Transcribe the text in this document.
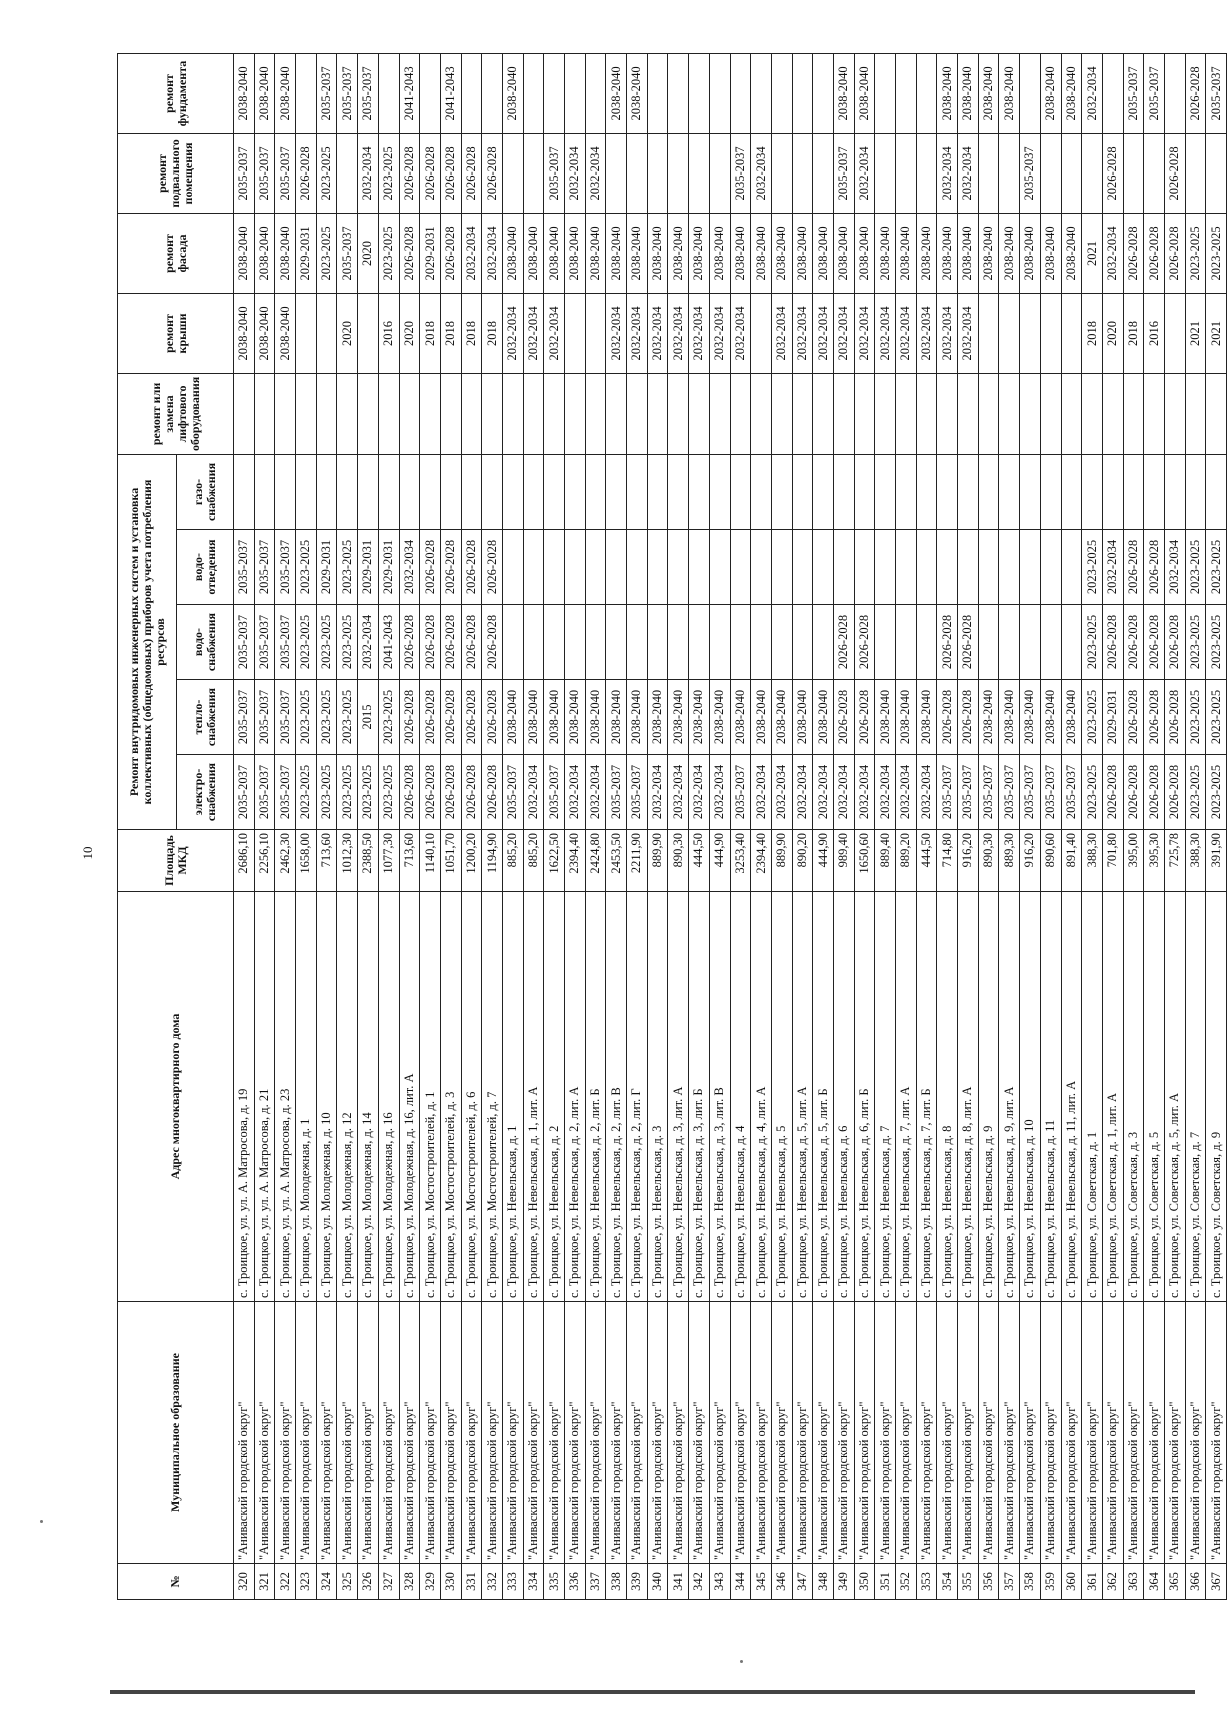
10
№	Муниципальное образование	Адрес многоквартирного дома	Площадь МКД	Ремонт внутридомовых инженерных систем и установка коллективных (общедомовых) приборов учета потребления ресурсов					ремонт или замена лифтового оборудования	ремонт крыши	ремонт фасада	ремонт подвального помещения	ремонт фундамента
				электро-снабжения	тепло-снабжения	водо-снабжения	водо-отведения	газо-снабжения					
320	"Аниваский городской округ"	с. Троицкое, ул. ул. А. Матросова, д. 19	2686,10	2035-2037	2035-2037	2035-2037	2035-2037			2038-2040	2038-2040	2035-2037	2038-2040
321	"Аниваский городской округ"	с. Троицкое, ул. ул. А. Матросова, д. 21	2256,10	2035-2037	2035-2037	2035-2037	2035-2037			2038-2040	2038-2040	2035-2037	2038-2040
322	"Аниваский городской округ"	с. Троицкое, ул. ул. А. Матросова, д. 23	2462,30	2035-2037	2035-2037	2035-2037	2035-2037			2038-2040	2038-2040	2035-2037	2038-2040
323	"Аниваский городской округ"	с. Троицкое, ул. Молодежная, д. 1	1658,00	2023-2025	2023-2025	2023-2025	2023-2025				2029-2031	2026-2028	
324	"Аниваский городской округ"	с. Троицкое, ул. Молодежная, д. 10	713,60	2023-2025	2023-2025	2023-2025	2029-2031				2023-2025	2023-2025	2035-2037
325	"Аниваский городской округ"	с. Троицкое, ул. Молодежная, д. 12	1012,30	2023-2025	2023-2025	2023-2025	2023-2025			2020	2035-2037		2035-2037
326	"Аниваский городской округ"	с. Троицкое, ул. Молодежная, д. 14	2388,50	2023-2025	2015	2032-2034	2029-2031				2020	2032-2034	2035-2037
327	"Аниваский городской округ"	с. Троицкое, ул. Молодежная, д. 16	1077,30	2023-2025	2023-2025	2041-2043	2029-2031			2016	2023-2025	2023-2025	
328	"Аниваский городской округ"	с. Троицкое, ул. Молодежная, д. 16, лит. А	713,60	2026-2028	2026-2028	2026-2028	2032-2034			2020	2026-2028	2026-2028	2041-2043
329	"Аниваский городской округ"	с. Троицкое, ул. Мостостроителей, д. 1	1140,10	2026-2028	2026-2028	2026-2028	2026-2028			2018	2029-2031	2026-2028	
330	"Аниваский городской округ"	с. Троицкое, ул. Мостостроителей, д. 3	1051,70	2026-2028	2026-2028	2026-2028	2026-2028			2018	2026-2028	2026-2028	2041-2043
331	"Аниваский городской округ"	с. Троицкое, ул. Мостостроителей, д. 6	1200,20	2026-2028	2026-2028	2026-2028	2026-2028			2018	2032-2034	2026-2028	
332	"Аниваский городской округ"	с. Троицкое, ул. Мостостроителей, д. 7	1194,90	2026-2028	2026-2028	2026-2028	2026-2028			2018	2032-2034	2026-2028	
333	"Аниваский городской округ"	с. Троицкое, ул. Невельская, д. 1	885,20	2035-2037	2038-2040					2032-2034	2038-2040		2038-2040
334	"Аниваский городской округ"	с. Троицкое, ул. Невельская, д. 1, лит. А	885,20	2032-2034	2038-2040					2032-2034	2038-2040		
335	"Аниваский городской округ"	с. Троицкое, ул. Невельская, д. 2	1622,50	2035-2037	2038-2040					2032-2034	2038-2040	2035-2037	
336	"Аниваский городской округ"	с. Троицкое, ул. Невельская, д. 2, лит. А	2394,40	2032-2034	2038-2040						2038-2040	2032-2034	
337	"Аниваский городской округ"	с. Троицкое, ул. Невельская, д. 2, лит. Б	2424,80	2032-2034	2038-2040						2038-2040	2032-2034	
338	"Аниваский городской округ"	с. Троицкое, ул. Невельская, д. 2, лит. В	2453,50	2035-2037	2038-2040					2032-2034	2038-2040		2038-2040
339	"Аниваский городской округ"	с. Троицкое, ул. Невельская, д. 2, лит. Г	2211,90	2035-2037	2038-2040					2032-2034	2038-2040		2038-2040
340	"Аниваский городской округ"	с. Троицкое, ул. Невельская, д. 3	889,90	2032-2034	2038-2040					2032-2034	2038-2040		
341	"Аниваский городской округ"	с. Троицкое, ул. Невельская, д. 3, лит. А	890,30	2032-2034	2038-2040					2032-2034	2038-2040		
342	"Аниваский городской округ"	с. Троицкое, ул. Невельская, д. 3, лит. Б	444,50	2032-2034	2038-2040					2032-2034	2038-2040		
343	"Аниваский городской округ"	с. Троицкое, ул. Невельская, д. 3, лит. В	444,90	2032-2034	2038-2040					2032-2034	2038-2040		
344	"Аниваский городской округ"	с. Троицкое, ул. Невельская, д. 4	3253,40	2035-2037	2038-2040					2032-2034	2038-2040	2035-2037	
345	"Аниваский городской округ"	с. Троицкое, ул. Невельская, д. 4, лит. А	2394,40	2032-2034	2038-2040						2038-2040	2032-2034	
346	"Аниваский городской округ"	с. Троицкое, ул. Невельская, д. 5	889,90	2032-2034	2038-2040					2032-2034	2038-2040		
347	"Аниваский городской округ"	с. Троицкое, ул. Невельская, д. 5, лит. А	890,20	2032-2034	2038-2040					2032-2034	2038-2040		
348	"Аниваский городской округ"	с. Троицкое, ул. Невельская, д. 5, лит. Б	444,90	2032-2034	2038-2040					2032-2034	2038-2040		
349	"Аниваский городской округ"	с. Троицкое, ул. Невельская, д. 6	989,40	2032-2034	2026-2028	2026-2028				2032-2034	2038-2040	2035-2037	2038-2040
350	"Аниваский городской округ"	с. Троицкое, ул. Невельская, д. 6, лит. Б	1650,60	2032-2034	2026-2028	2026-2028				2032-2034	2038-2040	2032-2034	2038-2040
351	"Аниваский городской округ"	с. Троицкое, ул. Невельская, д. 7	889,40	2032-2034	2038-2040					2032-2034	2038-2040		
352	"Аниваский городской округ"	с. Троицкое, ул. Невельская, д. 7, лит. А	889,20	2032-2034	2038-2040					2032-2034	2038-2040		
353	"Аниваский городской округ"	с. Троицкое, ул. Невельская, д. 7, лит. Б	444,50	2032-2034	2038-2040					2032-2034	2038-2040		
354	"Аниваский городской округ"	с. Троицкое, ул. Невельская, д. 8	714,80	2035-2037	2026-2028	2026-2028				2032-2034	2038-2040	2032-2034	2038-2040
355	"Аниваский городской округ"	с. Троицкое, ул. Невельская, д. 8, лит. А	916,20	2035-2037	2026-2028	2026-2028				2032-2034	2038-2040	2032-2034	2038-2040
356	"Аниваский городской округ"	с. Троицкое, ул. Невельская, д. 9	890,30	2035-2037	2038-2040						2038-2040		2038-2040
357	"Аниваский городской округ"	с. Троицкое, ул. Невельская, д. 9, лит. А	889,30	2035-2037	2038-2040						2038-2040		2038-2040
358	"Аниваский городской округ"	с. Троицкое, ул. Невельская, д. 10	916,20	2035-2037	2038-2040						2038-2040	2035-2037	
359	"Аниваский городской округ"	с. Троицкое, ул. Невельская, д. 11	890,60	2035-2037	2038-2040						2038-2040		2038-2040
360	"Аниваский городской округ"	с. Троицкое, ул. Невельская, д. 11, лит. А	891,40	2035-2037	2038-2040						2038-2040		2038-2040
361	"Аниваский городской округ"	с. Троицкое, ул. Советская, д. 1	388,30	2023-2025	2023-2025	2023-2025	2023-2025			2018	2021		2032-2034
362	"Аниваский городской округ"	с. Троицкое, ул. Советская, д. 1, лит. А	701,80	2026-2028	2029-2031	2026-2028	2032-2034			2020	2032-2034	2026-2028	
363	"Аниваский городской округ"	с. Троицкое, ул. Советская, д. 3	395,00	2026-2028	2026-2028	2026-2028	2026-2028			2018	2026-2028		2035-2037
364	"Аниваский городской округ"	с. Троицкое, ул. Советская, д. 5	395,30	2026-2028	2026-2028	2026-2028	2026-2028			2016	2026-2028		2035-2037
365	"Аниваский городской округ"	с. Троицкое, ул. Советская, д. 5, лит. А	725,78	2026-2028	2026-2028	2026-2028	2032-2034				2026-2028	2026-2028	
366	"Аниваский городской округ"	с. Троицкое, ул. Советская, д. 7	388,30	2023-2025	2023-2025	2023-2025	2023-2025			2021	2023-2025		2026-2028
367	"Аниваский городской округ"	с. Троицкое, ул. Советская, д. 9	391,90	2023-2025	2023-2025	2023-2025	2023-2025			2021	2023-2025		2035-2037
